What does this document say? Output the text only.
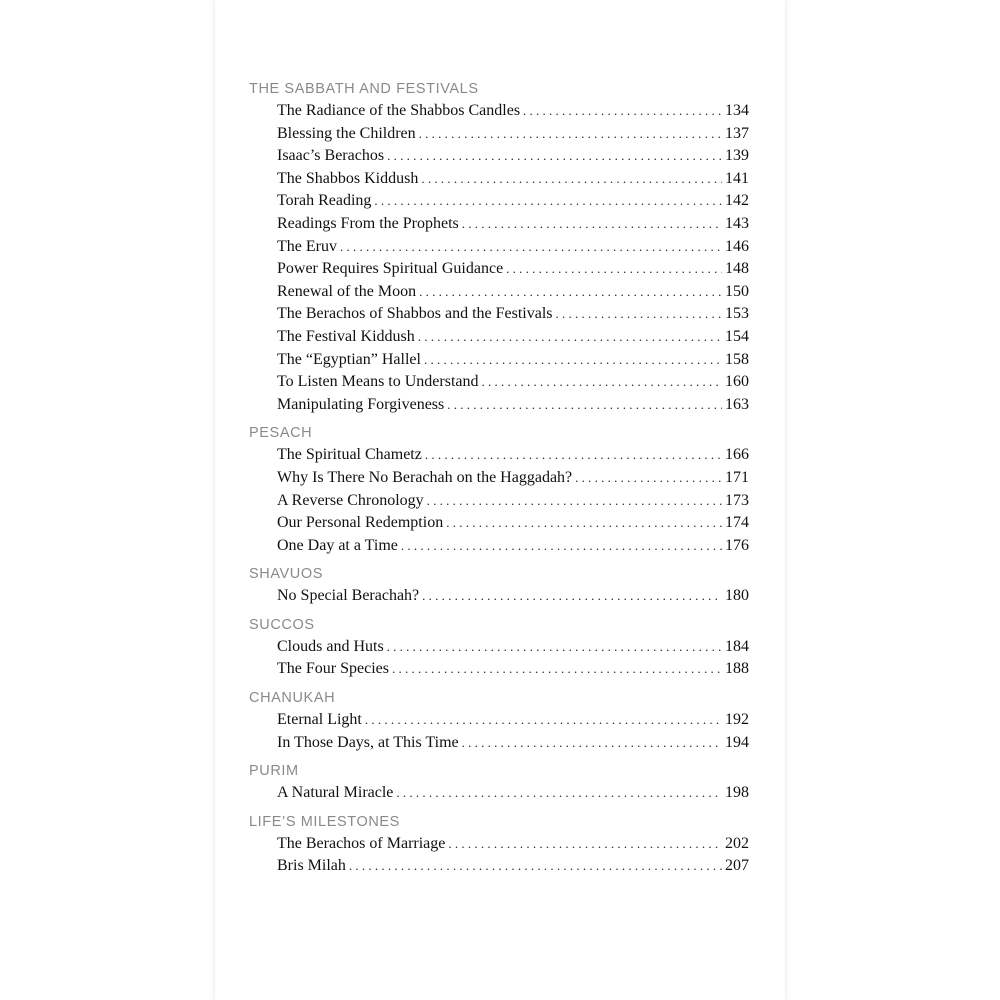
THE SABBATH AND FESTIVALS
The Radiance of the Shabbos Candles . . .	134
Blessing the Children . . .	137
Isaac’s Berachos . . .	139
The Shabbos Kiddush . . .	141
Torah Reading . . .	142
Readings From the Prophets . . .	143
The Eruv . . .	146
Power Requires Spiritual Guidance . . .	148
Renewal of the Moon . . .	150
The Berachos of Shabbos and the Festivals . . .	153
The Festival Kiddush . . .	154
The “Egyptian” Hallel . . .	158
To Listen Means to Understand . . .	160
Manipulating Forgiveness . . .	163
PESACH
The Spiritual Chametz . . .	166
Why Is There No Berachah on the Haggadah? . . .	171
A Reverse Chronology . . .	173
Our Personal Redemption . . .	174
One Day at a Time . . .	176
SHAVUOS
No Special Berachah? . . .	180
SUCCOS
Clouds and Huts . . .	184
The Four Species . . .	188
CHANUKAH
Eternal Light . . .	192
In Those Days, at This Time . . .	194
PURIM
A Natural Miracle . . .	198
LIFE’S MILESTONES
The Berachos of Marriage . . .	202
Bris Milah . . .	207
